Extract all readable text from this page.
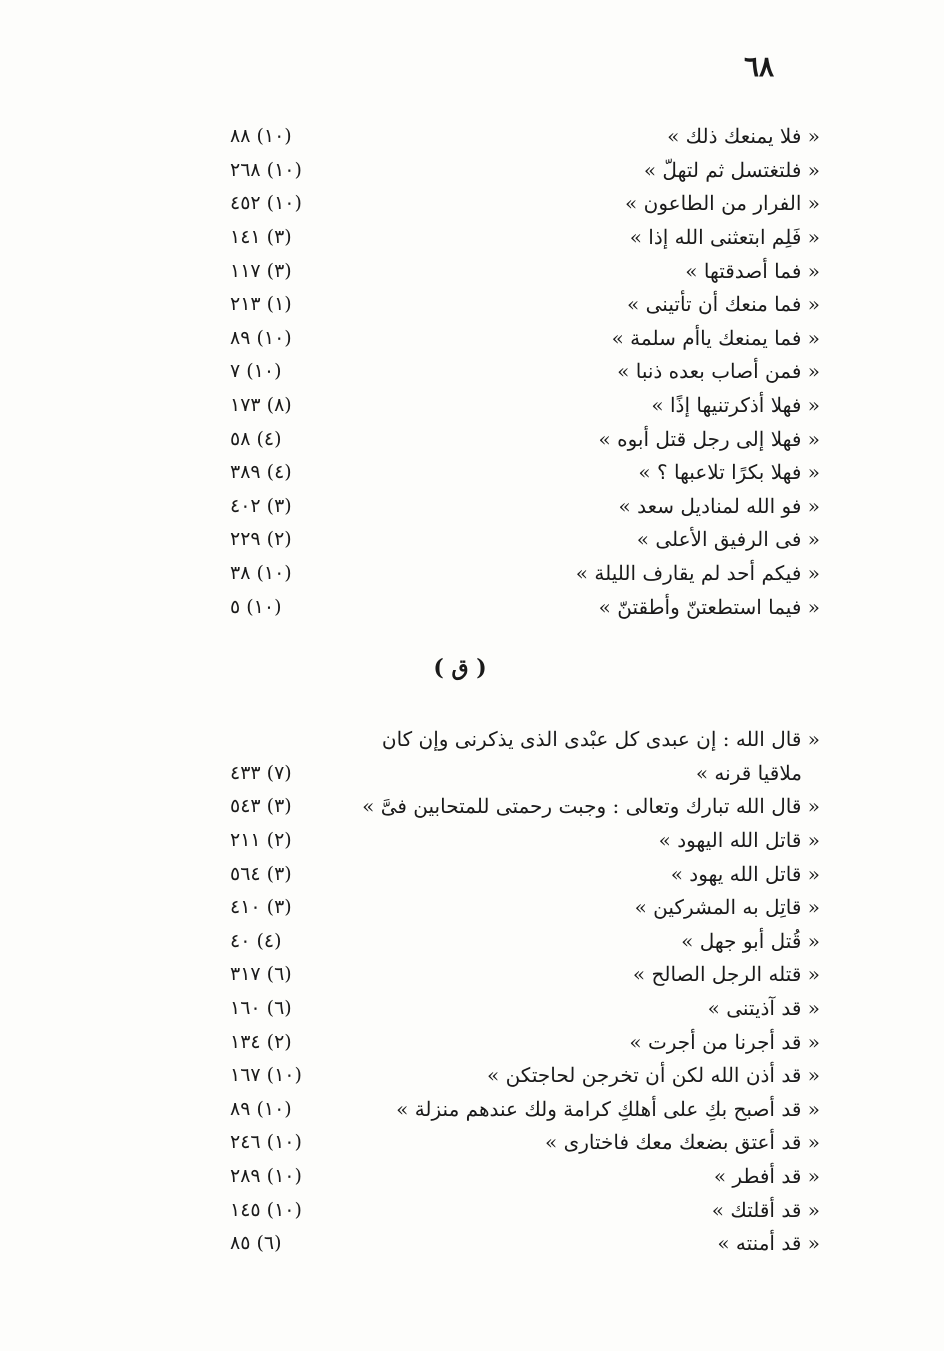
٦٨
« فلا يمنعك ذلك »
(١٠) ٨٨
« فلتغتسل ثم لتهلّ »
(١٠) ٢٦٨
« الفرار من الطاعون »
(١٠) ٤٥٢
« فَلِم ابتعثنى الله إذا »
(٣) ١٤١
« فما أصدقتها »
(٣) ١١٧
« فما منعك أن تأتينى »
(١) ٢١٣
« فما يمنعك ياأم سلمة »
(١٠) ٨٩
« فمن أصاب بعده ذنبا »
(١٠) ٧
« فهلا أذكرتنيها إذًا »
(٨) ١٧٣
« فهلا إلى رجل قتل أبوه »
(٤) ٥٨
« فهلا بكرًا تلاعبها ؟ »
(٤) ٣٨٩
« فو الله لمناديل سعد »
(٣) ٤٠٢
« فى الرفيق الأعلى »
(٢) ٢٢٩
« فيكم أحد لم يقارف الليلة »
(١٠) ٣٨
« فيما استطعتنّ وأطقتنّ »
(١٠) ٥
( ق )
« قال الله : إن عبدى كل عبْدى الذى يذكرنى وإن كان
ملاقيا قرنه »
(٧) ٤٣٣
« قال الله تبارك وتعالى : وجبت رحمتى للمتحابين فىَّ »
(٣) ٥٤٣
« قاتل الله اليهود »
(٢) ٢١١
« قاتل الله يهود »
(٣) ٥٦٤
« قاتِل به المشركين »
(٣) ٤١٠
« قُتل أبو جهل »
(٤) ٤٠
« قتله الرجل الصالح »
(٦) ٣١٧
« قد آذيتنى »
(٦) ١٦٠
« قد أجرنا من أجرت »
(٢) ١٣٤
« قد أذن الله لكن أن تخرجن لحاجتكن »
(١٠) ١٦٧
« قد أصبح بكِ على أهلكِ كرامة ولك عندهم منزلة »
(١٠) ٨٩
« قد أعتق بضعك معك فاختارى »
(١٠) ٢٤٦
« قد أفطر »
(١٠) ٢٨٩
« قد أقلتك »
(١٠) ١٤٥
« قد أمنته »
(٦) ٨٥
